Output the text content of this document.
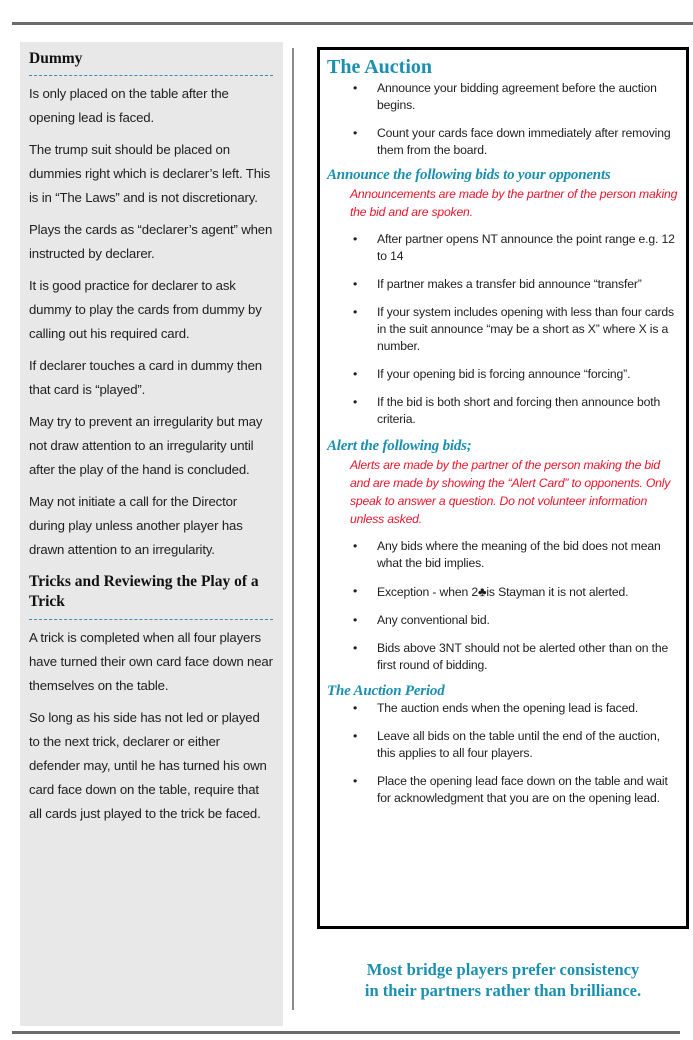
Dummy

Is only placed on the table after the opening lead is faced.

The trump suit should be placed on dummies right which is declarer’s left. This is in “The Laws” and is not discretionary.

Plays the cards as “declarer’s agent” when instructed by declarer.

It is good practice for declarer to ask dummy to play the cards from dummy by calling out his required card.

If declarer touches a card in dummy then that card is “played”.

May try to prevent an irregularity but may not draw attention to an irregularity until after the play of the hand is concluded.

May not initiate a call for the Director during play unless another player has drawn attention to an irregularity.

Tricks and Reviewing the Play of a Trick

A trick is completed when all four players have turned their own card face down near themselves on the table.

So long as his side has not led or played to the next trick, declarer or either defender may, until he has turned his own card face down on the table, require that all cards just played to the trick be faced.

The Auction
• Announce your bidding agreement before the auction begins.
• Count your cards face down immediately after removing them from the board.
Announce the following bids to your opponents

Announcements are made by the partner of the person making the bid and are spoken.

• After partner opens NT announce the point range e.g. 12 to 14
• If partner makes a transfer bid announce “transfer”
• If your system includes opening with less than four cards in the suit announce “may be a short as X” where X is a number.
• If your opening bid is forcing announce “forcing”.
• If the bid is both short and forcing then announce both criteria.
Alert the following bids;

Alerts are made by the partner of the person making the bid and are made by showing the “Alert Card” to opponents. Only speak to answer a question. Do not volunteer information unless asked.

• Any bids where the meaning of the bid does not mean what the bid implies.
• Exception - when 2♣is Stayman it is not alerted.
• Any conventional bid.
• Bids above 3NT should not be alerted other than on the first round of bidding.
The Auction Period
• The auction ends when the opening lead is faced.
• Leave all bids on the table until the end of the auction, this applies to all four players.
• Place the opening lead face down on the table and wait for acknowledgment that you are on the opening lead.
Most bridge players prefer consistency
in their partners rather than brilliance.
